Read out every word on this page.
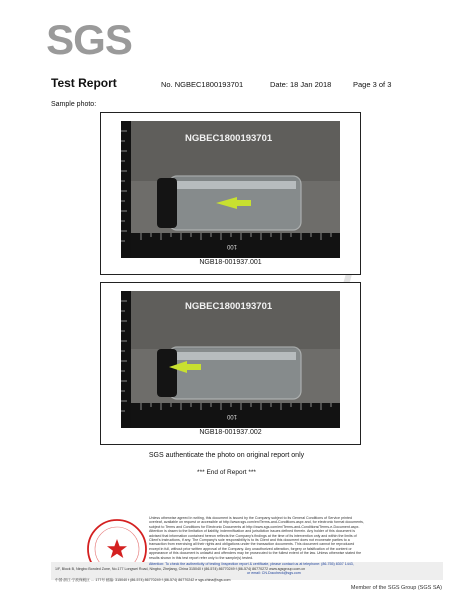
SGS
Test Report	No. NGBEC1800193701	Date: 18 Jan 2018	Page 3 of 3
Sample photo:
100
NGBEC1800193701
NGB18-001937.001
100
NGBEC1800193701
NGB18-001937.002
SGS authenticate the photo on original report only
*** End of Report ***
Unless otherwise agreed in writing, this document is issued by the Company subject to its General Conditions of Service printed
overleaf, available on request or accessible at http://www.sgs.com/en/Terms-and-Conditions.aspx and, for electronic format documents,
subject to Terms and Conditions for Electronic Documents at http://www.sgs.com/en/Terms-and-Conditions/Terms-e-Document.aspx.
Attention is drawn to the limitation of liability, indemnification and jurisdiction issues defined therein. Any holder of this document is
advised that information contained hereon reflects the Company's findings at the time of its intervention only and within the limits of
Client's instructions, if any. The Company's sole responsibility is to its Client and this document does not exonerate parties to a
transaction from exercising all their rights and obligations under the transaction documents. This document cannot be reproduced
except in full, without prior written approval of the Company. Any unauthorized alteration, forgery or falsification of the content or
appearance of this document is unlawful and offenders may be prosecuted to the fullest extent of the law. Unless otherwise stated the
results shown in this test report refer only to the sample(s) tested.
Attention: To check the authenticity of testing /inspection report & certificate, please contact us at telephone: (86-755) 8307 1443,
1/F, Block B, Ningbo Bonded Zone, No.177 Longwei Road, Ningbo, Zhejiang, China 315040 t (86-574) 86770249 f (86-574) 86770272 www.sgsgroup.com.cn
中国·浙江·宁波保税区 … 177号 邮编: 315040 t (86-574) 86770249 f (86-574) 86770242 e sgs.china@sgs.com
or email: CN.Doccheck@sgs.com
Member of the SGS Group (SGS SA)
